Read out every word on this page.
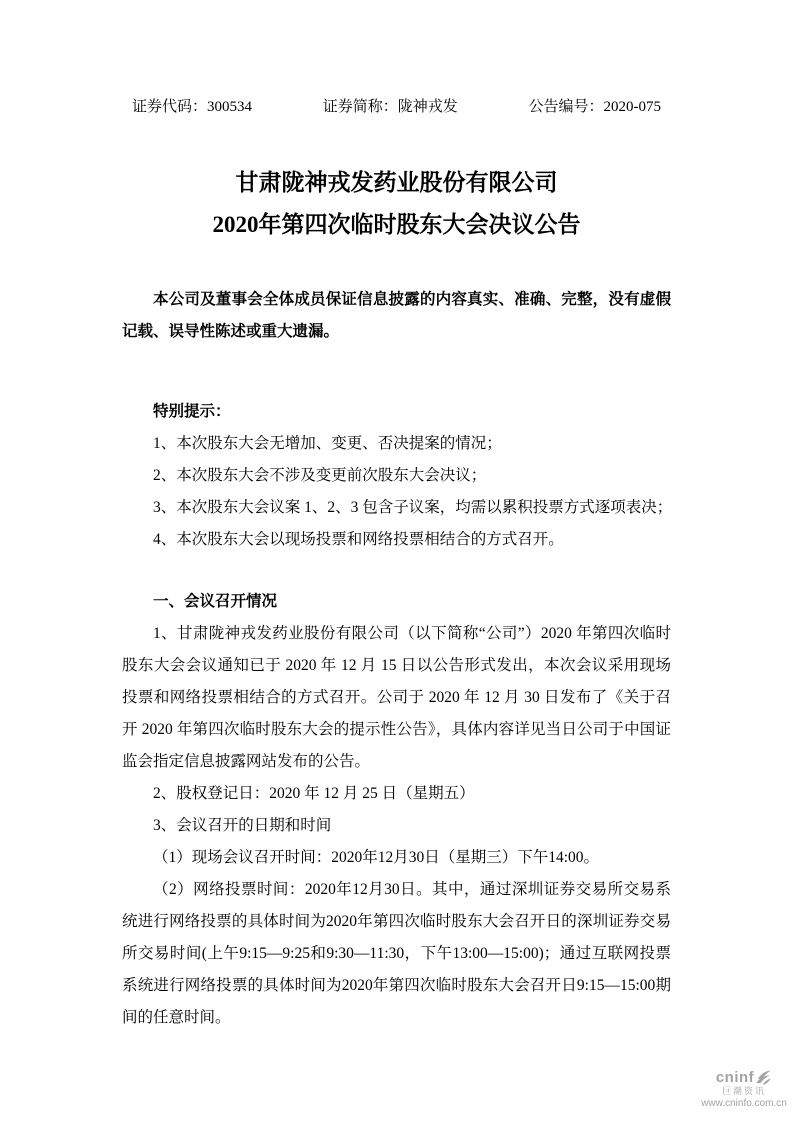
证券代码：300534	证券简称：陇神戎发	公告编号：2020-075
甘肃陇神戎发药业股份有限公司
2020年第四次临时股东大会决议公告

本公司及董事会全体成员保证信息披露的内容真实、准确、完整，没有虚假记载、误导性陈述或重大遗漏。

特别提示：

1、本次股东大会无增加、变更、否决提案的情况；

2、本次股东大会不涉及变更前次股东大会决议；

3、本次股东大会议案 1、2、3 包含子议案，均需以累积投票方式逐项表决；

4、本次股东大会以现场投票和网络投票相结合的方式召开。

一、会议召开情况

1、甘肃陇神戎发药业股份有限公司（以下简称“公司”）2020 年第四次临时股东大会会议通知已于 2020 年 12 月 15 日以公告形式发出，本次会议采用现场投票和网络投票相结合的方式召开。公司于 2020 年 12 月 30 日发布了《关于召开 2020 年第四次临时股东大会的提示性公告》，具体内容详见当日公司于中国证监会指定信息披露网站发布的公告。

2、股权登记日：2020 年 12 月 25 日（星期五）

3、会议召开的日期和时间

（1）现场会议召开时间：2020年12月30日（星期三）下午14:00。

（2）网络投票时间：2020年12月30日。其中，通过深圳证券交易所交易系统进行网络投票的具体时间为2020年第四次临时股东大会召开日的深圳证券交易所交易时间(上午9:15—9:25和9:30—11:30，下午13:00—15:00)；通过互联网投票系统进行网络投票的具体时间为2020年第四次临时股东大会召开日9:15—15:00期间的任意时间。

cninf
巨潮资讯
www.cninfo.com.cn
